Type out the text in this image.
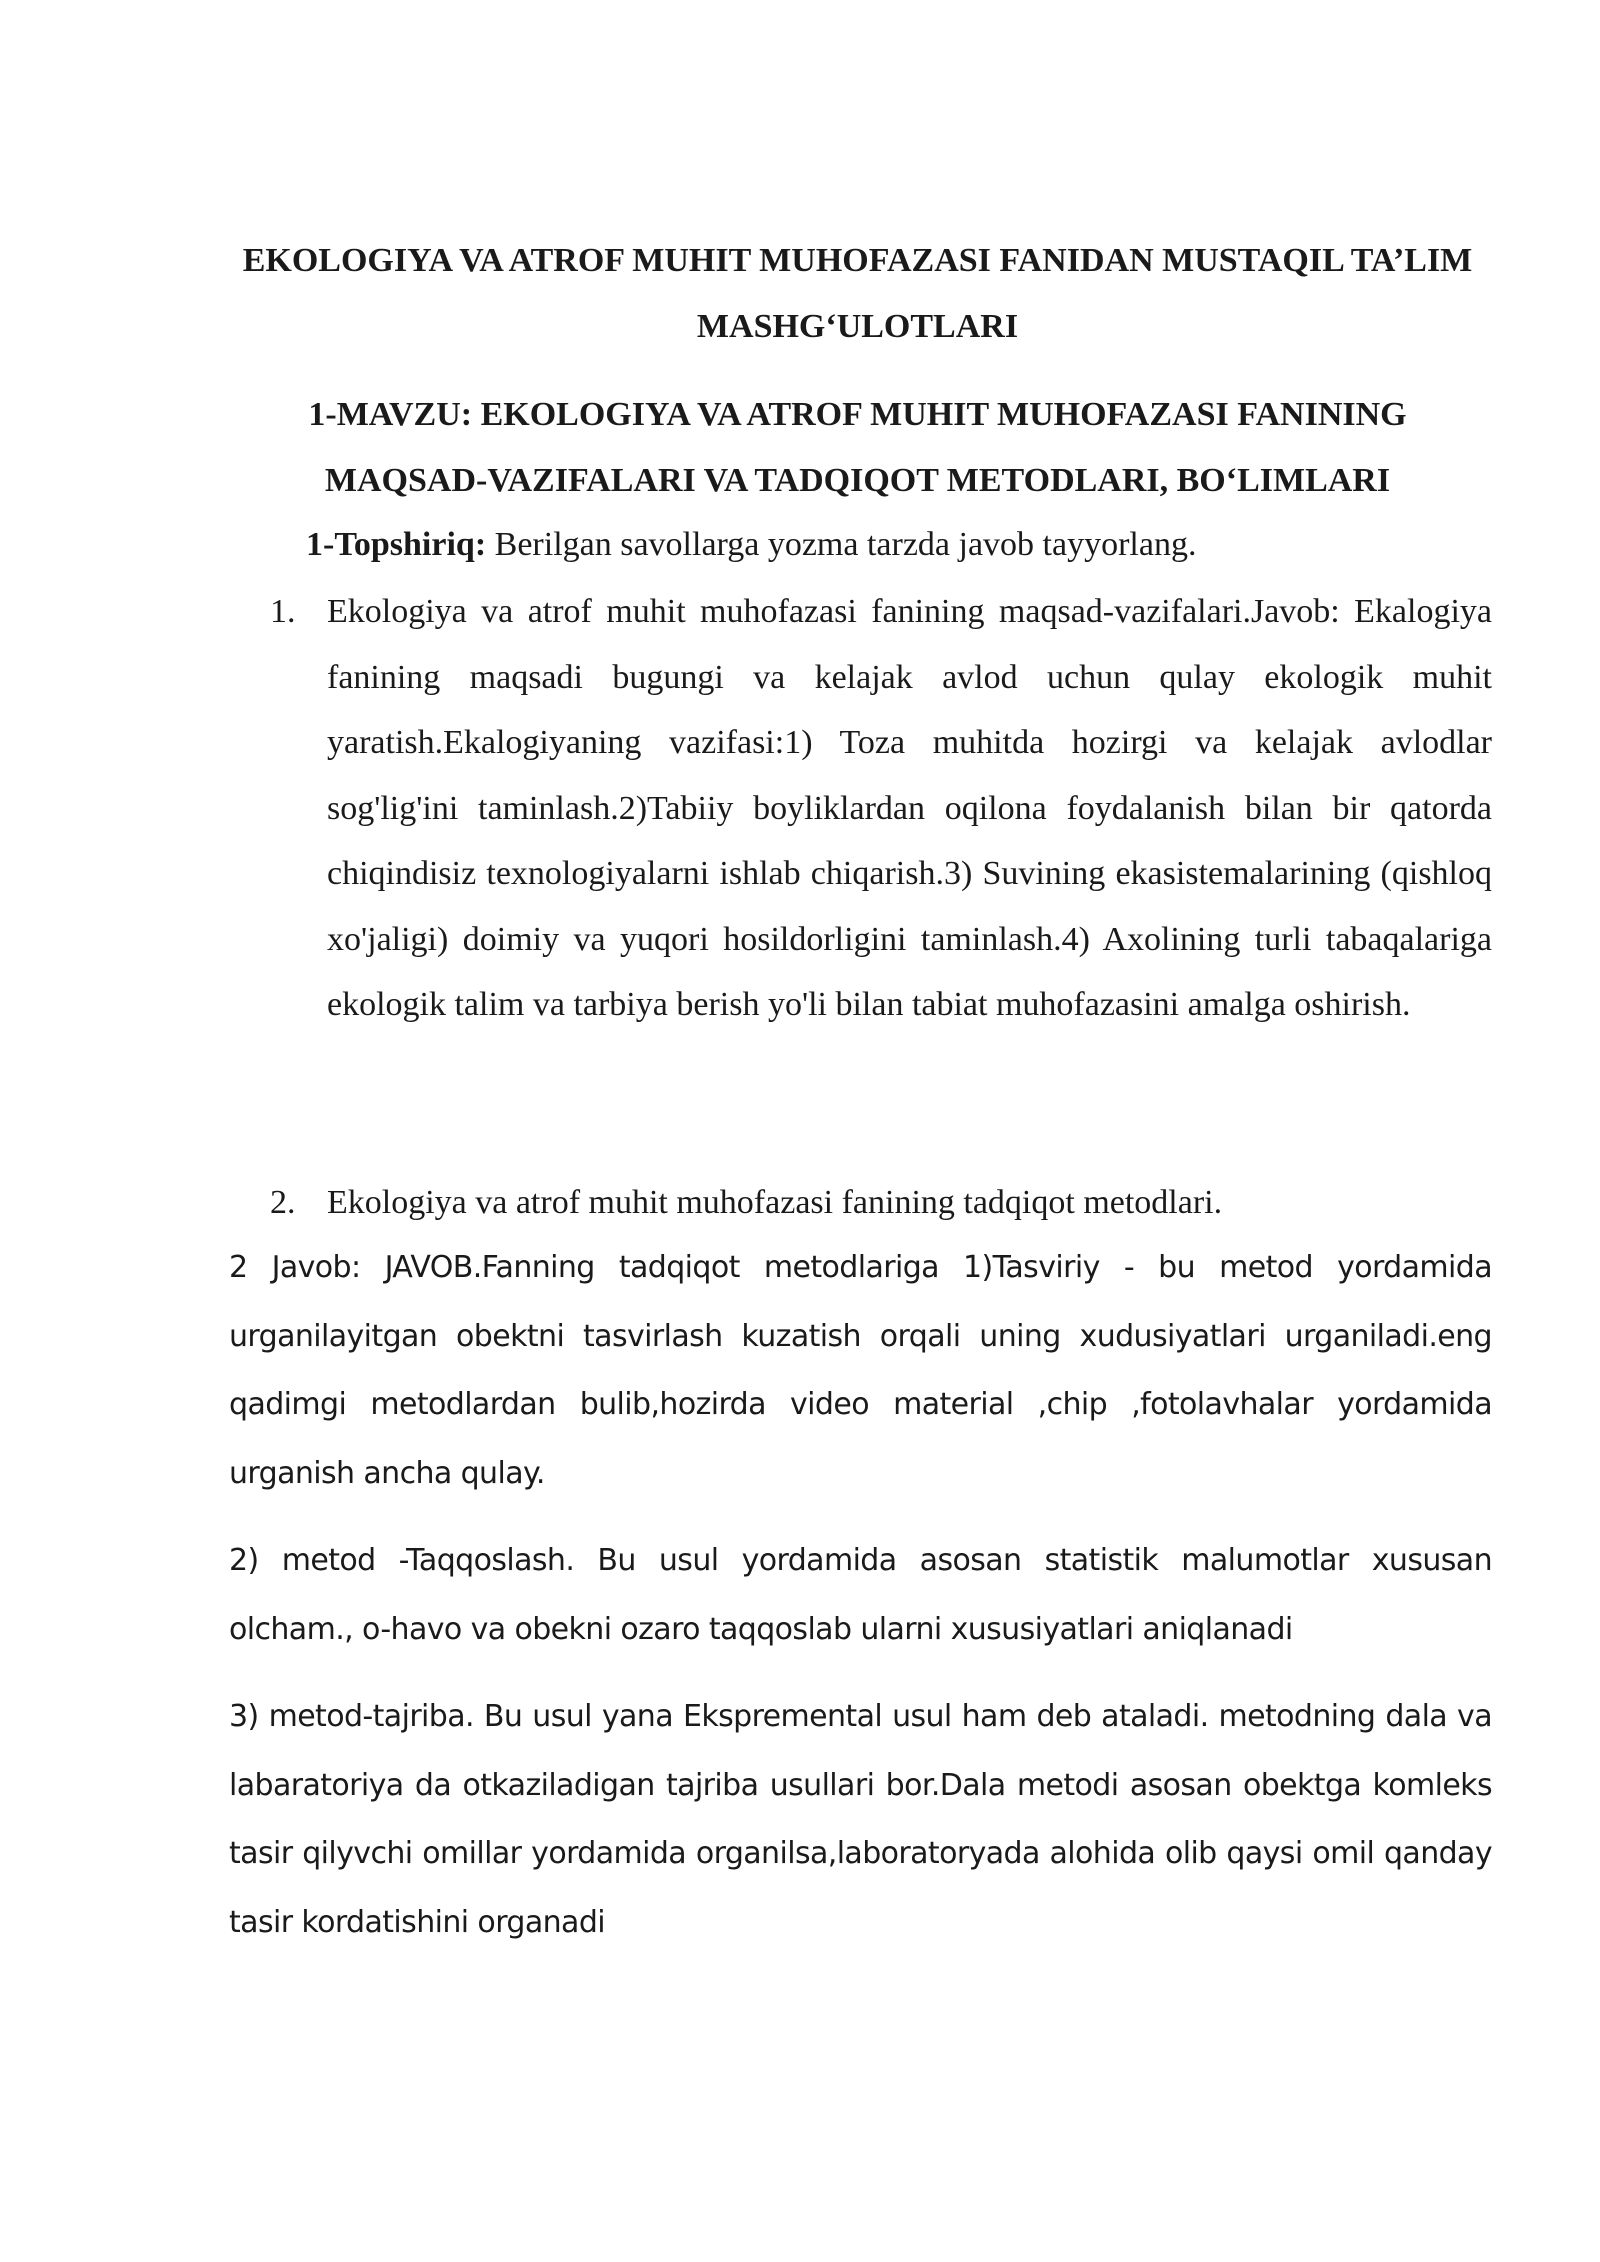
EKOLOGIYA VA ATROF MUHIT MUHOFAZASI FANIDAN MUSTAQIL TA’LIM MASHG‘ULOTLARI
1-MAVZU: EKOLOGIYA VA ATROF MUHIT MUHOFAZASI FANINING MAQSAD-VAZIFALARI VA TADQIQOT METODLARI, BO‘LIMLARI
1-Topshiriq: Berilgan savollarga yozma tarzda javob tayyorlang.
1. Ekologiya va atrof muhit muhofazasi fanining maqsad-vazifalari.Javob: Ekalogiya fanining maqsadi bugungi va kelajak avlod uchun qulay ekologik muhit yaratish.Ekalogiyaning vazifasi:1) Toza muhitda hozirgi va kelajak avlodlar sog'lig'ini taminlash.2)Tabiiy boyliklardan oqilona foydalanish bilan bir qatorda chiqindisiz texnologiyalarni ishlab chiqarish.3) Suvining ekasistemalarining (qishloq xo'jaligi) doimiy va yuqori hosildorligini taminlash.4) Axolining turli tabaqalariga ekologik talim va tarbiya berish yo'li bilan tabiat muhofazasini amalga oshirish.
2. Ekologiya va atrof muhit muhofazasi fanining tadqiqot metodlari.

2 Javob: JAVOB.Fanning tadqiqot metodlariga 1)Tasviriy - bu metod yordamida urganilayitgan obektni tasvirlash kuzatish orqali uning xudusiyatlari urganiladi.eng qadimgi metodlardan bulib,hozirda video material ,chip ,fotolavhalar yordamida urganish ancha qulay.

2) metod -Taqqoslash. Bu usul yordamida asosan statistik malumotlar xususan olcham., o-havo va obekni ozaro taqqoslab ularni xususiyatlari aniqlanadi

3) metod-tajriba. Bu usul yana Ekspremental usul ham deb ataladi. metodning dala va labaratoriya da otkaziladigan tajriba usullari bor.Dala metodi asosan obektga komleks tasir qilyvchi omillar yordamida organilsa,laboratoryada alohida olib qaysi omil qanday tasir kordatishini organadi
